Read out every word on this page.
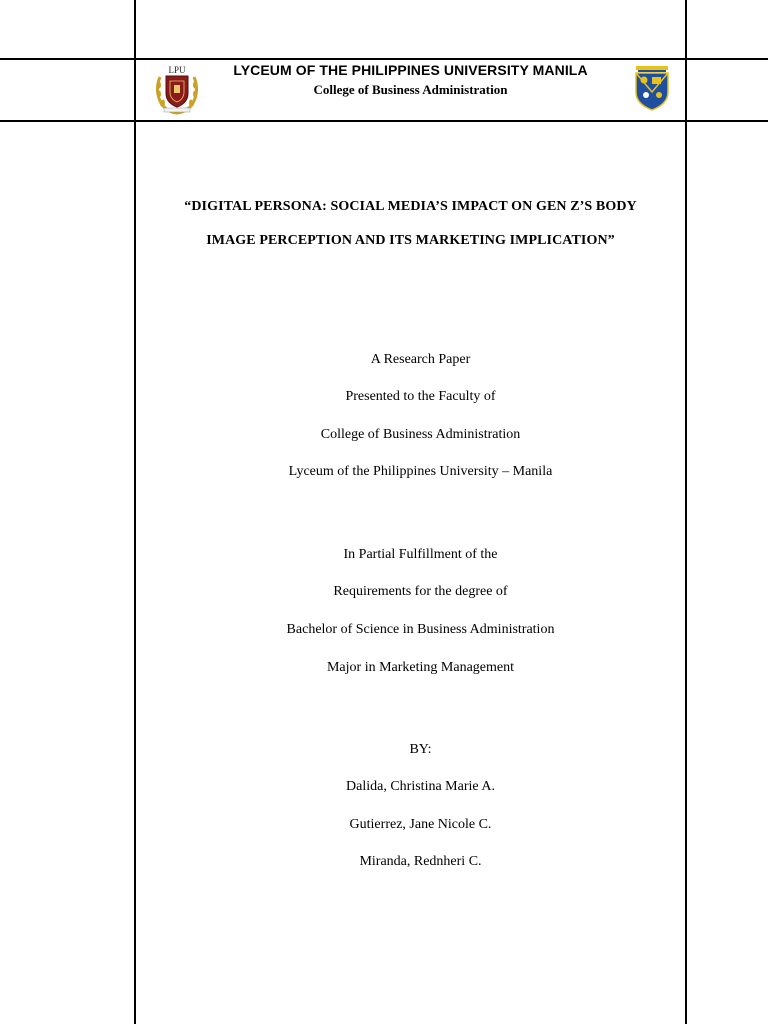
LPU	LYCEUM OF THE PHILIPPINES UNIVERSITY MANILA
College of Business Administration
“DIGITAL PERSONA: SOCIAL MEDIA’S IMPACT ON GEN Z’S BODY
IMAGE PERCEPTION AND ITS MARKETING IMPLICATION”
A Research Paper
Presented to the Faculty of
College of Business Administration
Lyceum of the Philippines University – Manila
In Partial Fulfillment of the
Requirements for the degree of
Bachelor of Science in Business Administration
Major in Marketing Management
BY:
Dalida, Christina Marie A.
Gutierrez, Jane Nicole C.
Miranda, Rednheri C.
